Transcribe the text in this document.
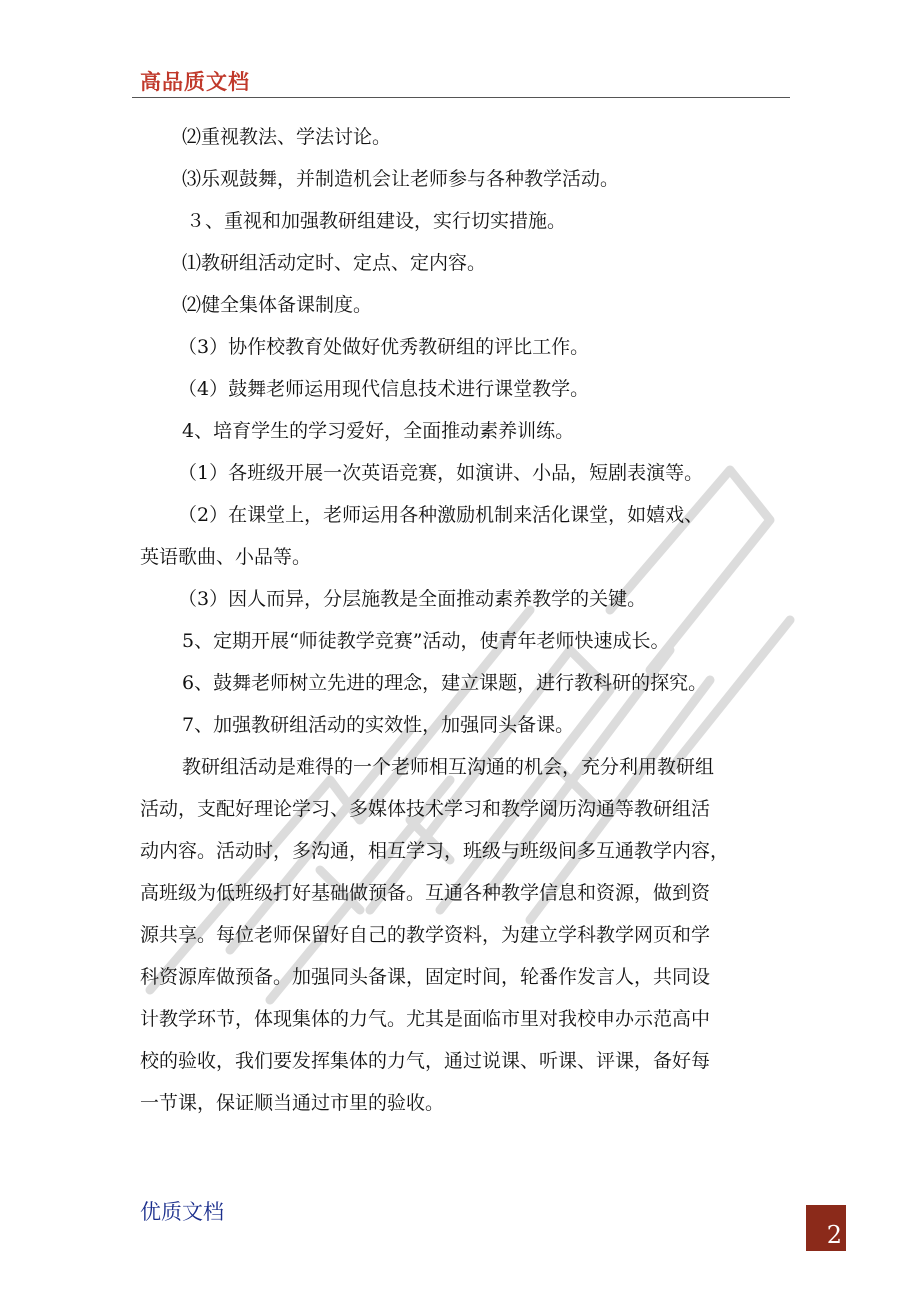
高品质文档
⑵重视教法、学法讨论。
⑶乐观鼓舞，并制造机会让老师参与各种教学活动。
３、重视和加强教研组建设，实行切实措施。
⑴教研组活动定时、定点、定内容。
⑵健全集体备课制度。
（3）协作校教育处做好优秀教研组的评比工作。
（4）鼓舞老师运用现代信息技术进行课堂教学。
4、培育学生的学习爱好，全面推动素养训练。
（1）各班级开展一次英语竞赛，如演讲、小品，短剧表演等。
（2）在课堂上，老师运用各种激励机制来活化课堂，如嬉戏、
英语歌曲、小品等。
（3）因人而异，分层施教是全面推动素养教学的关键。
5、定期开展“师徒教学竞赛”活动，使青年老师快速成长。
6、鼓舞老师树立先进的理念，建立课题，进行教科研的探究。
7、加强教研组活动的实效性，加强同头备课。
教研组活动是难得的一个老师相互沟通的机会，充分利用教研组
活动，支配好理论学习、多媒体技术学习和教学阅历沟通等教研组活
动内容。活动时，多沟通，相互学习，班级与班级间多互通教学内容，
高班级为低班级打好基础做预备。互通各种教学信息和资源，做到资
源共享。每位老师保留好自己的教学资料，为建立学科教学网页和学
科资源库做预备。加强同头备课，固定时间，轮番作发言人，共同设
计教学环节，体现集体的力气。尤其是面临市里对我校申办示范高中
校的验收，我们要发挥集体的力气，通过说课、听课、评课，备好每
一节课，保证顺当通过市里的验收。
优质文档
2
